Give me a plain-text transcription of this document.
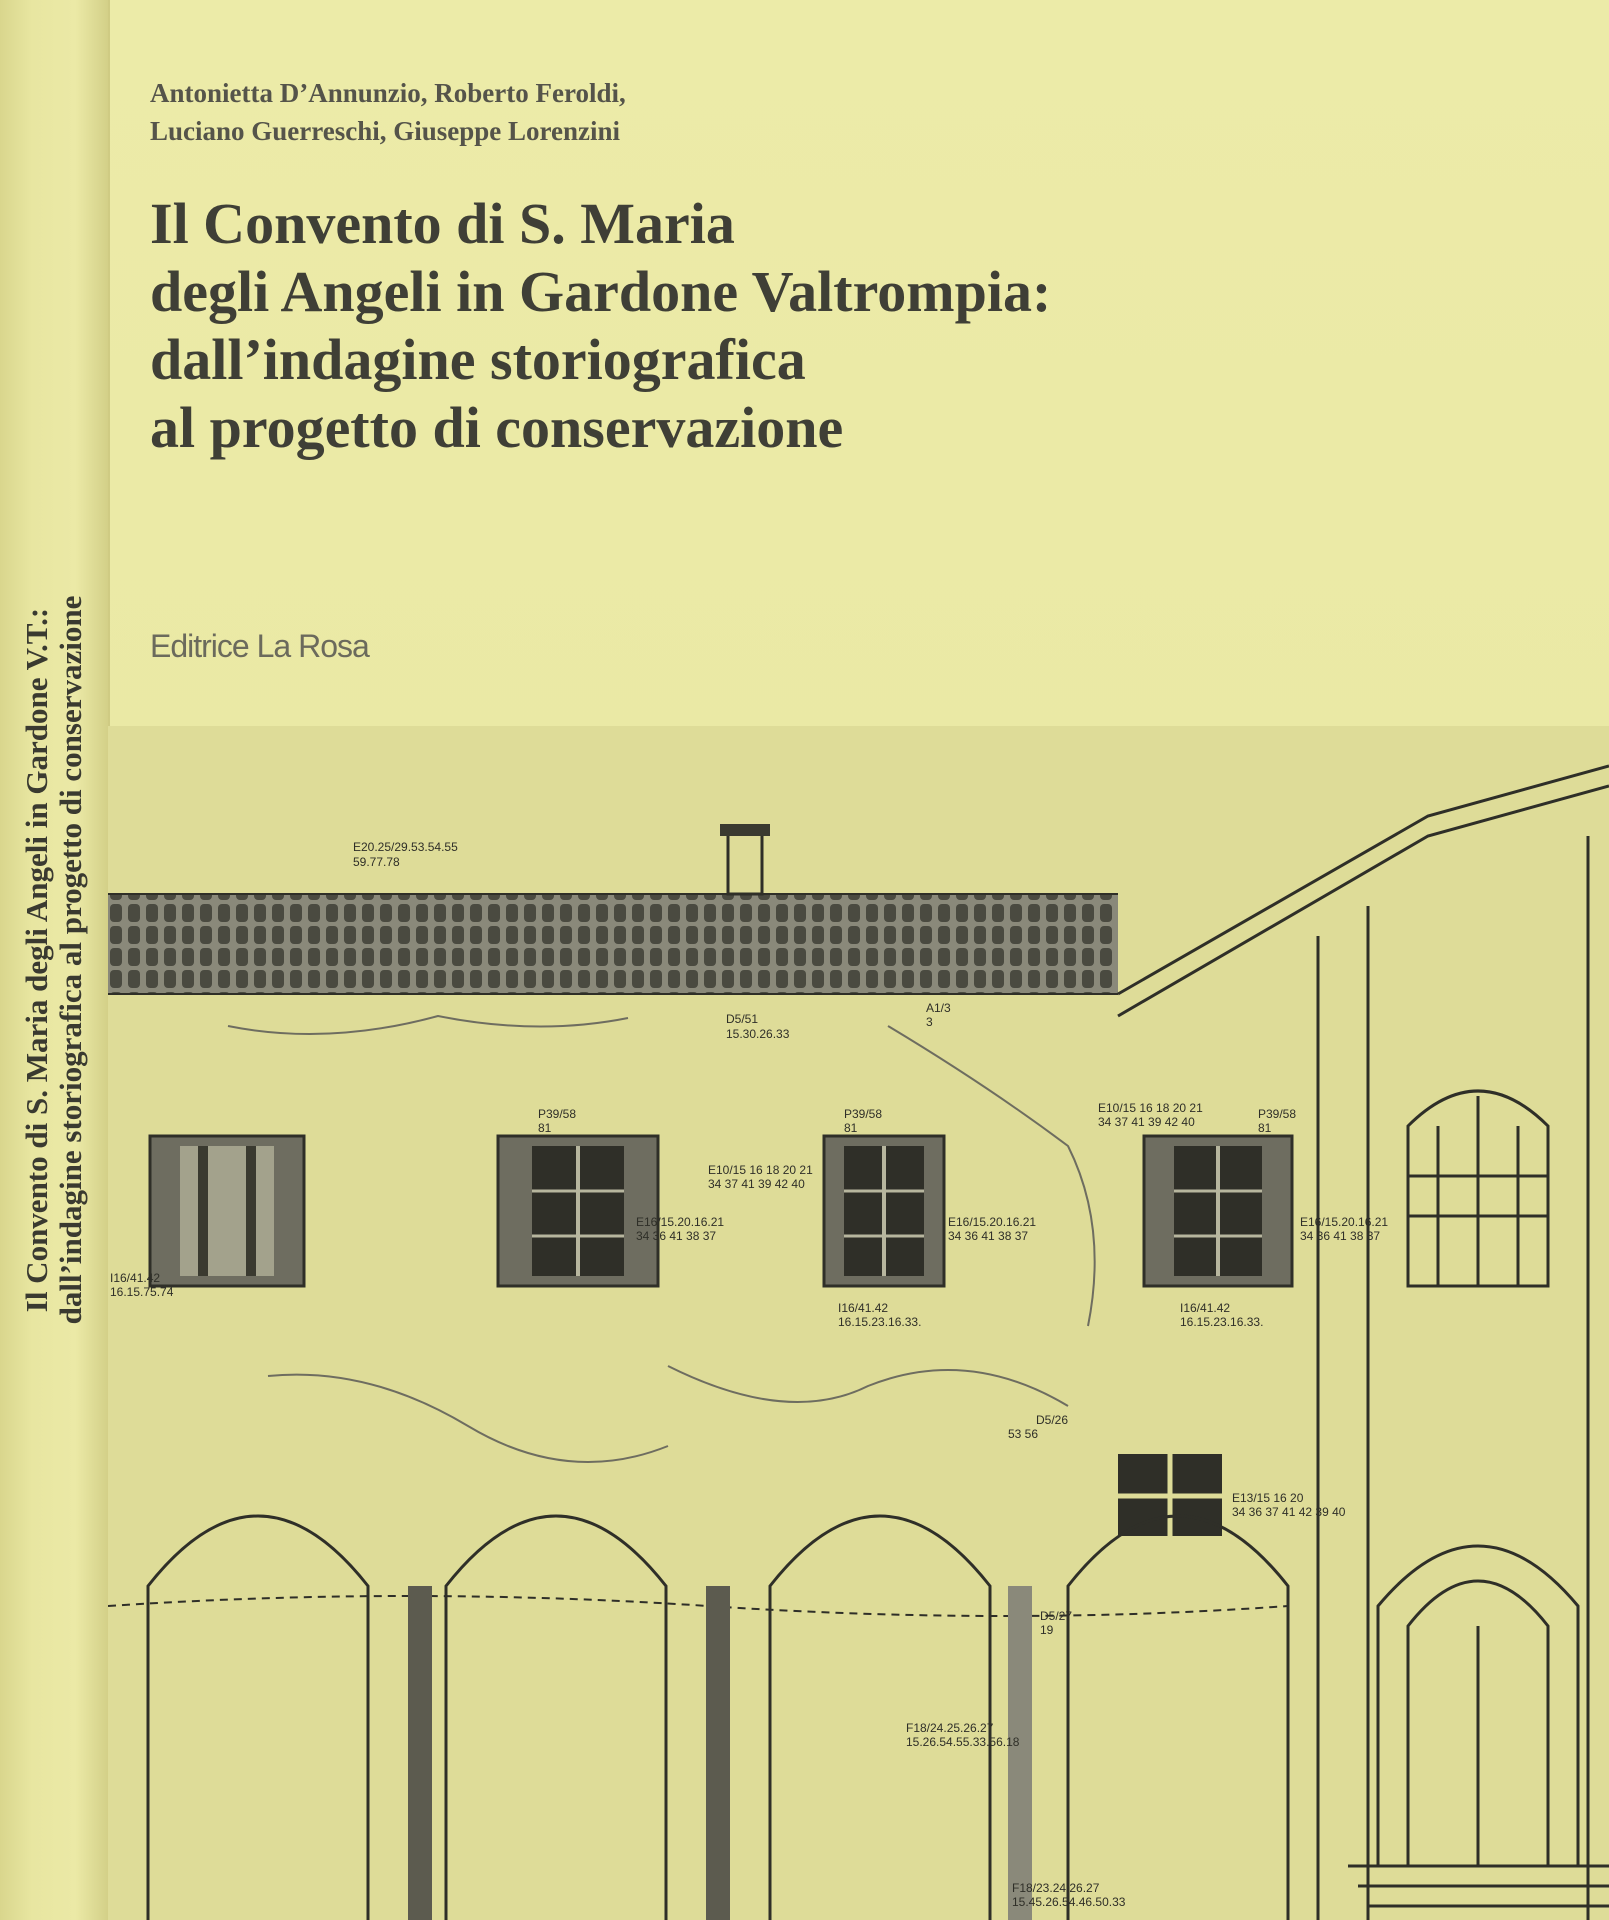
Il Convento di S. Maria degli Angeli in Gardone V.T.: dall’indagine storiografica al progetto di conservazione
Antonietta D’Annunzio, Roberto Feroldi,
Luciano Guerreschi, Giuseppe Lorenzini
Il Convento di S. Maria
degli Angeli in Gardone Valtrompia:
dall’indagine storiografica
al progetto di conservazione
Editrice La Rosa
E20.25/29.53.54.55
59.77.78
D5/51
15.30.26.33
A1/3
3
P39/58
81
P39/58
81
P39/58
81
E10/15 16 18 20 21
34 37 41 39 42 40
E10/15 16 18 20 21
34 37 41 39 42 40
E16/15.20.16.21
34 36 41 38 37
E16/15.20.16.21
34 36 41 38 37
E16/15.20.16.21
34 36 41 38 37
I16/41.42
16.15.23.16.33.
I16/41.42
16.15.23.16.33.
I16/41.42
16.15.75.74
D5/26
53 56
E13/15 16 20
34 36 37 41 42 39 40
D5/27
19
F18/24.25.26.27
15.26.54.55.33.56.18
F18/23.24.26.27
15.45.26.54.46.50.33
